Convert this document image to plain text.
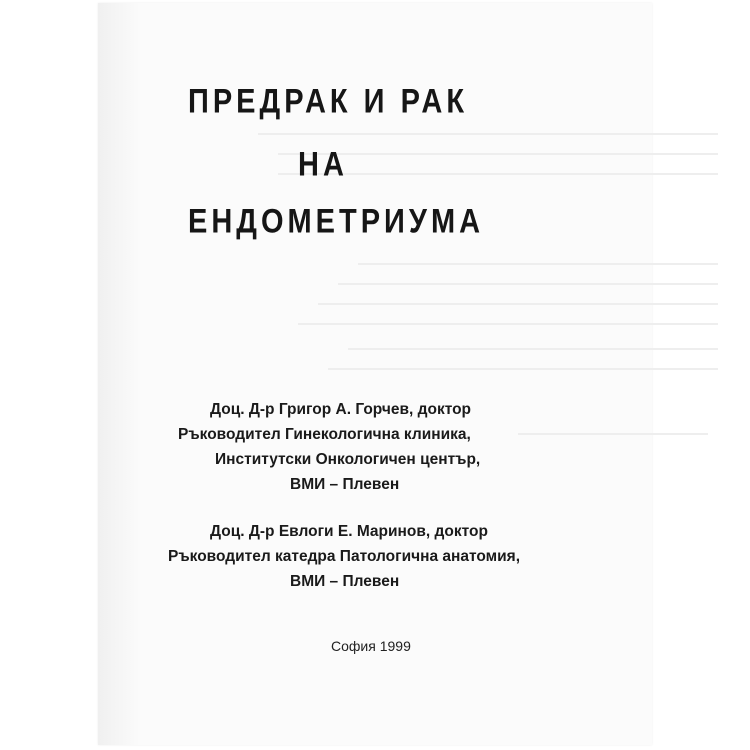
ПРЕДРАК И РАК
НА
ЕНДОМЕТРИУМА
Доц. Д-р Григор А. Горчев, доктор
Ръководител Гинекологична клиника,
Институтски Онкологичен център,
ВМИ – Плевен
Доц. Д-р Евлоги Е. Маринов, доктор
Ръководител катедра Патологична анатомия,
ВМИ – Плевен
София 1999
